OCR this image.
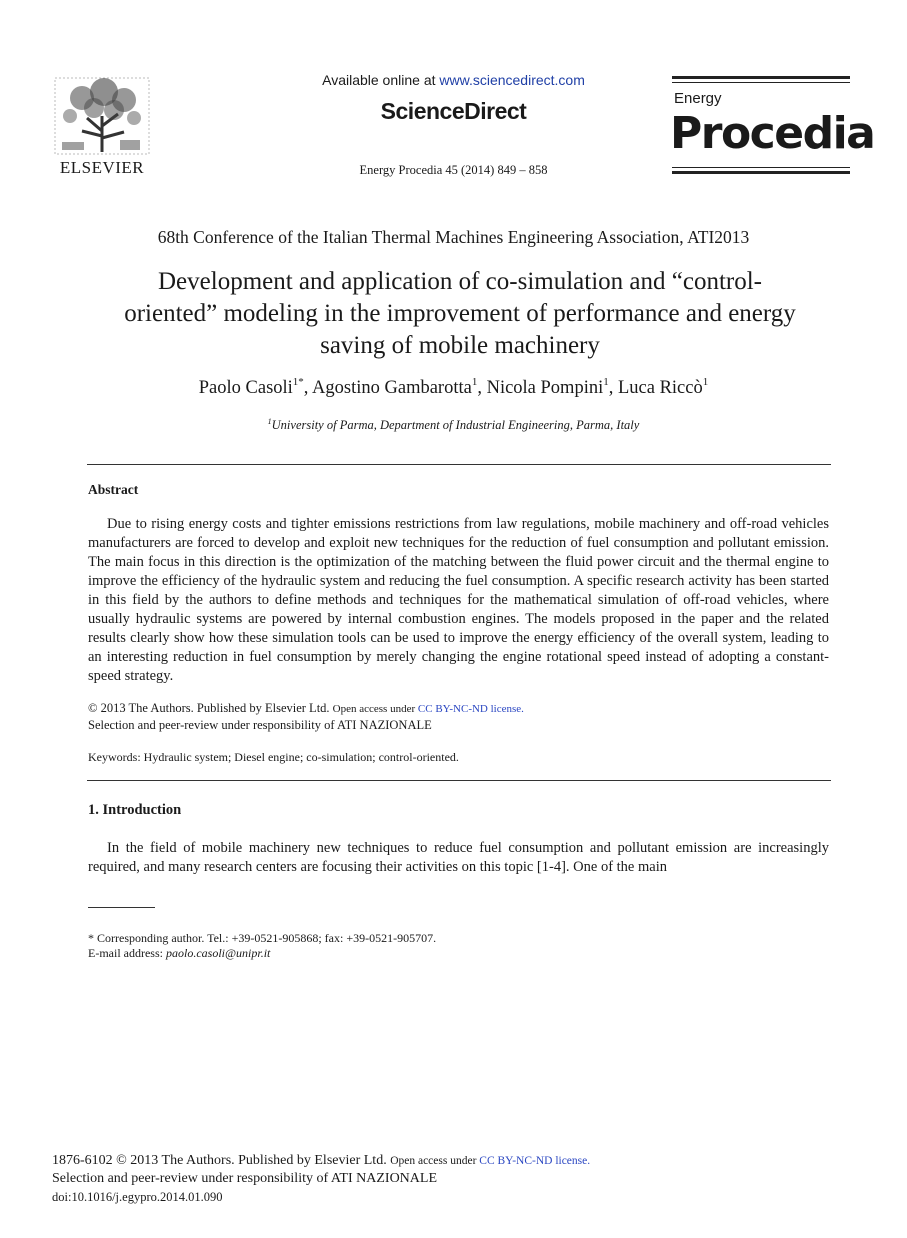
ELSEVIER
Available online at www.sciencedirect.com
ScienceDirect
Energy Procedia 45 (2014) 849 – 858
Energy
Procedia
68th Conference of the Italian Thermal Machines Engineering Association, ATI2013
Development and application of co-simulation and “control-
oriented” modeling in the improvement of performance and energy
saving of mobile machinery
Paolo Casoli$^{1*}$, Agostino Gambarotta$^1$, Nicola Pompini$^1$, Luca Riccò$^1$
$^1$University of Parma, Department of Industrial Engineering, Parma, Italy
Abstract

Due to rising energy costs and tighter emissions restrictions from law regulations, mobile machinery and off-road vehicles manufacturers are forced to develop and exploit new techniques for the reduction of fuel consumption and pollutant emission. The main focus in this direction is the optimization of the matching between the fluid power circuit and the thermal engine to improve the efficiency of the hydraulic system and reducing the fuel consumption. A specific research activity has been started in this field by the authors to define methods and techniques for the mathematical simulation of off-road vehicles, where usually hydraulic systems are powered by internal combustion engines. The models proposed in the paper and the related results clearly show how these simulation tools can be used to improve the energy efficiency of the overall system, leading to an interesting reduction in fuel consumption by merely changing the engine rotational speed instead of adopting a constant-speed strategy.

© 2013 The Authors. Published by Elsevier Ltd. Open access under CC BY-NC-ND license.
Selection and peer-review under responsibility of ATI NAZIONALE
Keywords: Hydraulic system; Diesel engine; co-simulation; control-oriented.
1. Introduction

In the field of mobile machinery new techniques to reduce fuel consumption and pollutant emission are increasingly required, and many research centers are focusing their activities on this topic [1-4]. One of the main

* Corresponding author. Tel.: +39-0521-905868; fax: +39-0521-905707.
E-mail address: paolo.casoli@unipr.it
1876-6102 © 2013 The Authors. Published by Elsevier Ltd. Open access under CC BY-NC-ND license.
Selection and peer-review under responsibility of ATI NAZIONALE
doi:10.1016/j.egypro.2014.01.090
